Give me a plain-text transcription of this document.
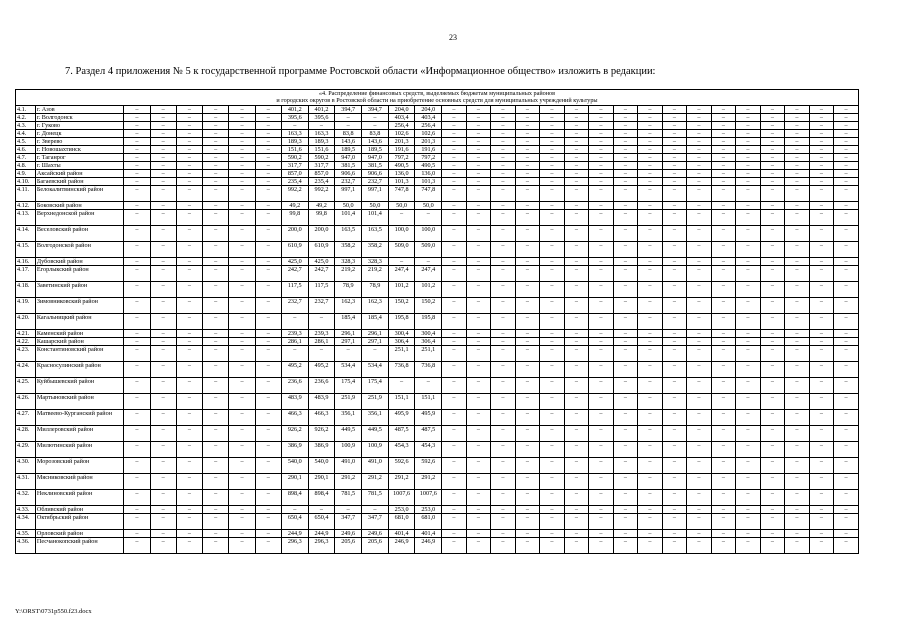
23
7. Раздел 4 приложения № 5 к государственной программе Ростовской области «Информационное общество» изложить в редакции:
«4. Распределение финансовых средств, выделяемых бюджетам муниципальных районов
и городских округов в Ростовской области на приобретение основных средств для муниципальных учреждений культуры																														

4.1.	г. Азов	–	–	–	–	–	–	401,2	401,2	394,7	394,7	204,0	204,0	–	–	–	–	–	–	–	–	–	–	–	–	–	–	–	–	–
4.2.	г. Волгодонск	–	–	–	–	–	–	395,6	395,6	–	–	403,4	403,4	–	–	–	–	–	–	–	–	–	–	–	–	–	–	–	–	–
4.3.	г. Гуково	–	–	–	–	–	–	–	–	–	–	256,4	256,4	–	–	–	–	–	–	–	–	–	–	–	–	–	–	–	–	–
4.4.	г. Донецк	–	–	–	–	–	–	163,3	163,3	83,8	83,8	102,6	102,6	–	–	–	–	–	–	–	–	–	–	–	–	–	–	–	–	–
4.5.	г. Зверево	–	–	–	–	–	–	189,3	189,3	143,6	143,6	201,3	201,3	–	–	–	–	–	–	–	–	–	–	–	–	–	–	–	–	–
4.6.	г. Новошахтинск	–	–	–	–	–	–	151,6	151,6	189,5	189,5	191,6	191,6	–	–	–	–	–	–	–	–	–	–	–	–	–	–	–	–	–
4.7.	г. Таганрог	–	–	–	–	–	–	590,2	590,2	947,0	947,0	797,2	797,2	–	–	–	–	–	–	–	–	–	–	–	–	–	–	–	–	–
4.8.	г. Шахты	–	–	–	–	–	–	317,7	317,7	381,5	381,5	490,5	490,5	–	–	–	–	–	–	–	–	–	–	–	–	–	–	–	–	–
4.9.	Аксайский район	–	–	–	–	–	–	857,0	857,0	906,6	906,6	136,0	136,0	–	–	–	–	–	–	–	–	–	–	–	–	–	–	–	–	–
4.10.	Багаевский район	–	–	–	–	–	–	235,4	235,4	232,7	232,7	101,3	101,3	–	–	–	–	–	–	–	–	–	–	–	–	–	–	–	–	–
4.11.	Белокалитвинский район	–	–	–	–	–	–	992,2	992,2	997,1	997,1	747,8	747,8	–	–	–	–	–	–	–	–	–	–	–	–	–	–	–	–	–
4.12.	Боковский район	–	–	–	–	–	–	49,2	49,2	50,0	50,0	50,0	50,0	–	–	–	–	–	–	–	–	–	–	–	–	–	–	–	–	–
4.13.	Верхнедонской район	–	–	–	–	–	–	99,8	99,8	101,4	101,4	–	–	–	–	–	–	–	–	–	–	–	–	–	–	–	–	–	–	–
4.14.	Веселовский район	–	–	–	–	–	–	200,0	200,0	163,5	163,5	100,0	100,0	–	–	–	–	–	–	–	–	–	–	–	–	–	–	–	–	–
4.15.	Волгодонской район	–	–	–	–	–	–	610,9	610,9	358,2	358,2	509,0	509,0	–	–	–	–	–	–	–	–	–	–	–	–	–	–	–	–	–
4.16.	Дубовский район	–	–	–	–	–	–	425,0	425,0	328,3	328,3	–	–	–	–	–	–	–	–	–	–	–	–	–	–	–	–	–	–	–
4.17.	Егорлыкский район	–	–	–	–	–	–	242,7	242,7	219,2	219,2	247,4	247,4	–	–	–	–	–	–	–	–	–	–	–	–	–	–	–	–	–
4.18.	Заветинский район	–	–	–	–	–	–	117,5	117,5	78,9	78,9	101,2	101,2	–	–	–	–	–	–	–	–	–	–	–	–	–	–	–	–	–
4.19.	Зимовниковский район	–	–	–	–	–	–	232,7	232,7	162,3	162,3	150,2	150,2	–	–	–	–	–	–	–	–	–	–	–	–	–	–	–	–	–
4.20.	Кагальницкий район	–	–	–	–	–	–	–	–	185,4	185,4	195,8	195,8	–	–	–	–	–	–	–	–	–	–	–	–	–	–	–	–	–
4.21.	Каменский район	–	–	–	–	–	–	239,3	239,3	296,1	296,1	300,4	300,4	–	–	–	–	–	–	–	–	–	–	–	–	–	–	–	–	–
4.22.	Кашарский район	–	–	–	–	–	–	286,1	286,1	297,1	297,1	306,4	306,4	–	–	–	–	–	–	–	–	–	–	–	–	–	–	–	–	–
4.23.	Константиновский район	–	–	–	–	–	–	–	–	–	–	251,1	251,1	–	–	–	–	–	–	–	–	–	–	–	–	–	–	–	–	–
4.24.	Красносулинский район	–	–	–	–	–	–	495,2	495,2	534,4	534,4	736,8	736,8	–	–	–	–	–	–	–	–	–	–	–	–	–	–	–	–	–
4.25.	Куйбышевский район	–	–	–	–	–	–	236,6	236,6	175,4	175,4	–	–	–	–	–	–	–	–	–	–	–	–	–	–	–	–	–	–	–
4.26.	Мартыновский район	–	–	–	–	–	–	483,9	483,9	251,9	251,9	151,1	151,1	–	–	–	–	–	–	–	–	–	–	–	–	–	–	–	–	–
4.27.	Матвеево-Курганский район	–	–	–	–	–	–	466,3	466,3	356,1	356,1	495,9	495,9	–	–	–	–	–	–	–	–	–	–	–	–	–	–	–	–	–
4.28.	Миллеровский район	–	–	–	–	–	–	926,2	926,2	449,5	449,5	487,5	487,5	–	–	–	–	–	–	–	–	–	–	–	–	–	–	–	–	–
4.29.	Милютинский район	–	–	–	–	–	–	386,9	386,9	100,9	100,9	454,3	454,3	–	–	–	–	–	–	–	–	–	–	–	–	–	–	–	–	–
4.30.	Морозовский район	–	–	–	–	–	–	540,0	540,0	491,0	491,0	592,6	592,6	–	–	–	–	–	–	–	–	–	–	–	–	–	–	–	–	–
4.31.	Мясниковский район	–	–	–	–	–	–	290,1	290,1	291,2	291,2	291,2	291,2	–	–	–	–	–	–	–	–	–	–	–	–	–	–	–	–	–
4.32.	Неклиновский район	–	–	–	–	–	–	898,4	898,4	781,5	781,5	1007,6	1007,6	–	–	–	–	–	–	–	–	–	–	–	–	–	–	–	–	–
4.33.	Обливский район	–	–	–	–	–	–	–	–	–	–	253,0	253,0	–	–	–	–	–	–	–	–	–	–	–	–	–	–	–	–	–
4.34.	Октябрьский район	–	–	–	–	–	–	650,4	650,4	347,7	347,7	681,0	681,0	–	–	–	–	–	–	–	–	–	–	–	–	–	–	–	–	–
4.35.	Орловский район	–	–	–	–	–	–	244,9	244,9	249,6	249,6	401,4	401,4	–	–	–	–	–	–	–	–	–	–	–	–	–	–	–	–	–
4.36.	Песчанокопский район	–	–	–	–	–	–	296,3	296,3	205,6	205,6	246,9	246,9	–	–	–	–	–	–	–	–	–	–	–	–	–	–	–	–	–
Y:\ORST\0731p550.f23.docx
